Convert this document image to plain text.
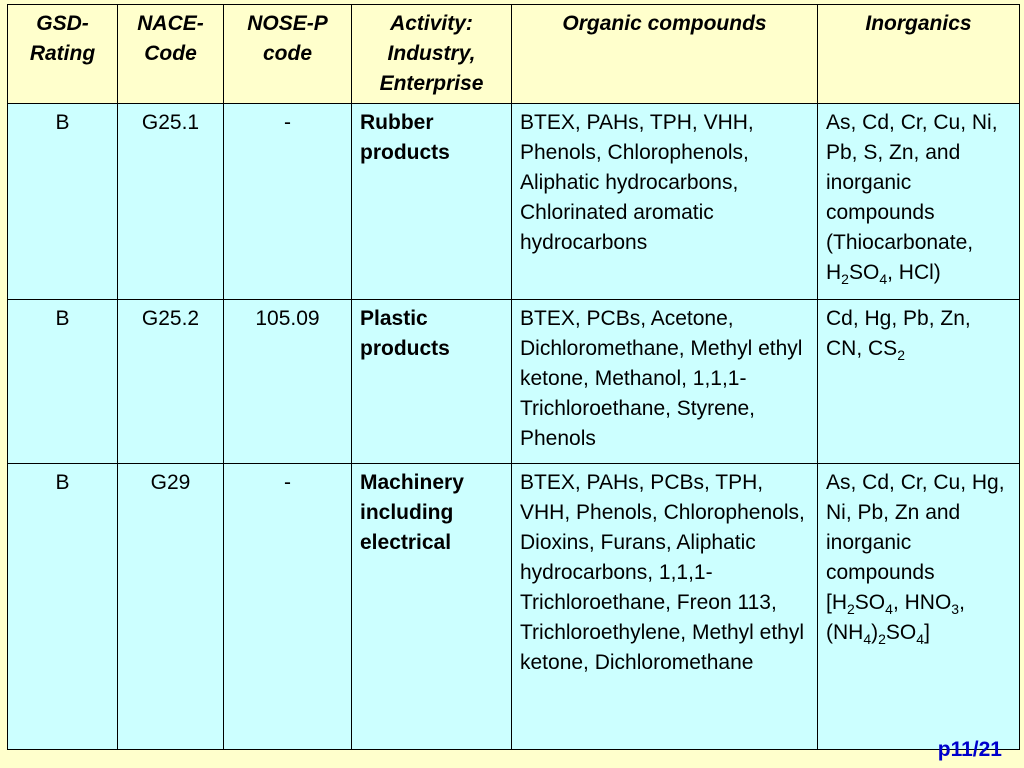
GSD-Rating	NACE-Code	NOSE-P code	Activity: Industry, Enterprise	Organic compounds	Inorganics
B	G25.1	-	Rubber products	BTEX, PAHs, TPH, VHH, Phenols, Chlorophenols, Aliphatic hydrocarbons, Chlorinated aromatic hydrocarbons	As, Cd, Cr, Cu, Ni, Pb, S, Zn, and inorganic compounds (Thiocarbonate, $H_2SO_4$, HCl)
B	G25.2	105.09	Plastic products	BTEX, PCBs, Acetone, Dichloromethane, Methyl ethyl ketone, Methanol, 1,1,1-Trichloroethane, Styrene, Phenols	Cd, Hg, Pb, Zn, CN, $CS_2$
B	G29	-	Machinery including electrical	BTEX, PAHs, PCBs, TPH, VHH, Phenols, Chlorophenols, Dioxins, Furans, Aliphatic hydrocarbons, 1,1,1-Trichloroethane, Freon 113, Trichloroethylene, Methyl ethyl ketone, Dichloromethane	As, Cd, Cr, Cu, Hg, Ni, Pb, Zn and inorganic compounds [$H_2SO_4$, $HNO_3$, $(NH_4)_2SO_4$]
p11/21
